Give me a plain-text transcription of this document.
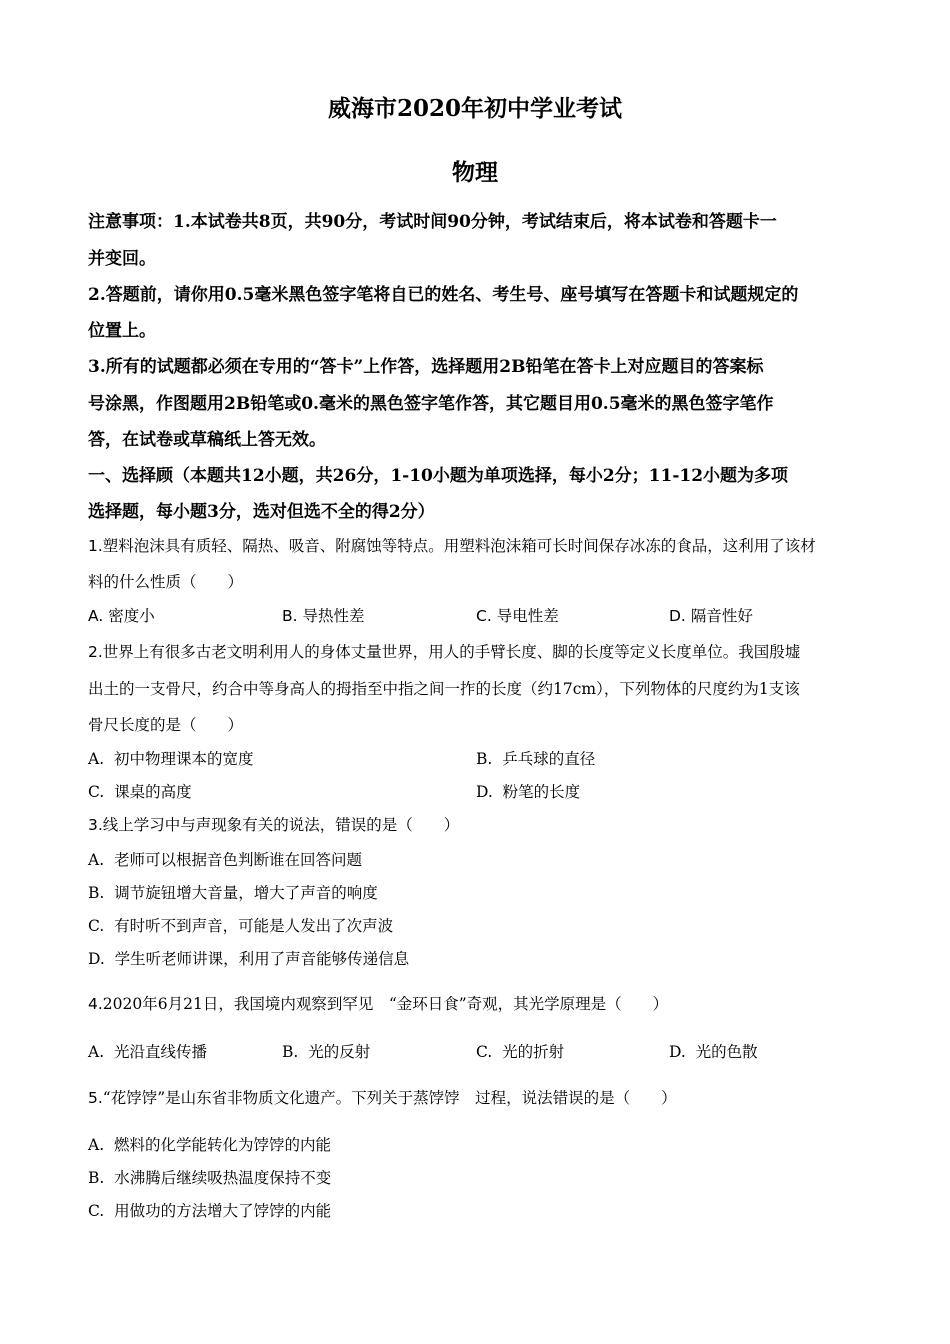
威海市2020年初中学业考试
物理
注意事项：1.本试卷共8页，共90分，考试时间90分钟，考试结束后，将本试卷和答题卡一
并变回。
2.答题前，请你用0.5毫米黑色签字笔将自已的姓名、考生号、座号填写在答题卡和试题规定的
位置上。
3.所有的试题都必须在专用的“答卡”上作答，选择题用2B铅笔在答卡上对应题目的答案标
号涂黑，作图题用2B铅笔或0.毫米的黑色签字笔作答，其它题目用0.5毫米的黑色签字笔作
答，在试卷或草稿纸上答无效。
一、选择顾（本题共12小题，共26分，1-10小题为单项选择，每小2分；11-12小题为多项
选择题，每小题3分，选对但选不全的得2分）
1.塑料泡沫具有质轻、隔热、吸音、附腐蚀等特点。用塑料泡沫箱可长时间保存冰冻的食品，这利用了该材
料的什么性质（　　）
A. 密度小	B. 导热性差	C. 导电性差	D. 隔音性好
2.世界上有很多古老文明利用人的身体丈量世界，用人的手臂长度、脚的长度等定义长度单位。我国殷墟
出土的一支骨尺，约合中等身高人的拇指至中指之间一拃的长度（约17cm），下列物体的尺度约为1支该
骨尺长度的是（　　）
A. 初中物理课本的宽度	B. 乒乓球的直径
C. 课桌的高度	D. 粉笔的长度
3.线上学习中与声现象有关的说法，错误的是（　　）
A. 老师可以根据音色判断谁在回答问题
B. 调节旋钮增大音量，增大了声音的响度
C. 有时听不到声音，可能是人发出了次声波
D. 学生听老师讲课，利用了声音能够传递信息
4.2020年6月21日，我国境内观察到罕见　“金环日食”奇观，其光学原理是（　　）
A. 光沿直线传播	B. 光的反射	C. 光的折射	D. 光的色散
5.“花饽饽”是山东省非物质文化遗产。下列关于蒸饽饽　过程，说法错误的是（　　）
A. 燃料的化学能转化为饽饽的内能
B. 水沸腾后继续吸热温度保持不变
C. 用做功的方法增大了饽饽的内能
